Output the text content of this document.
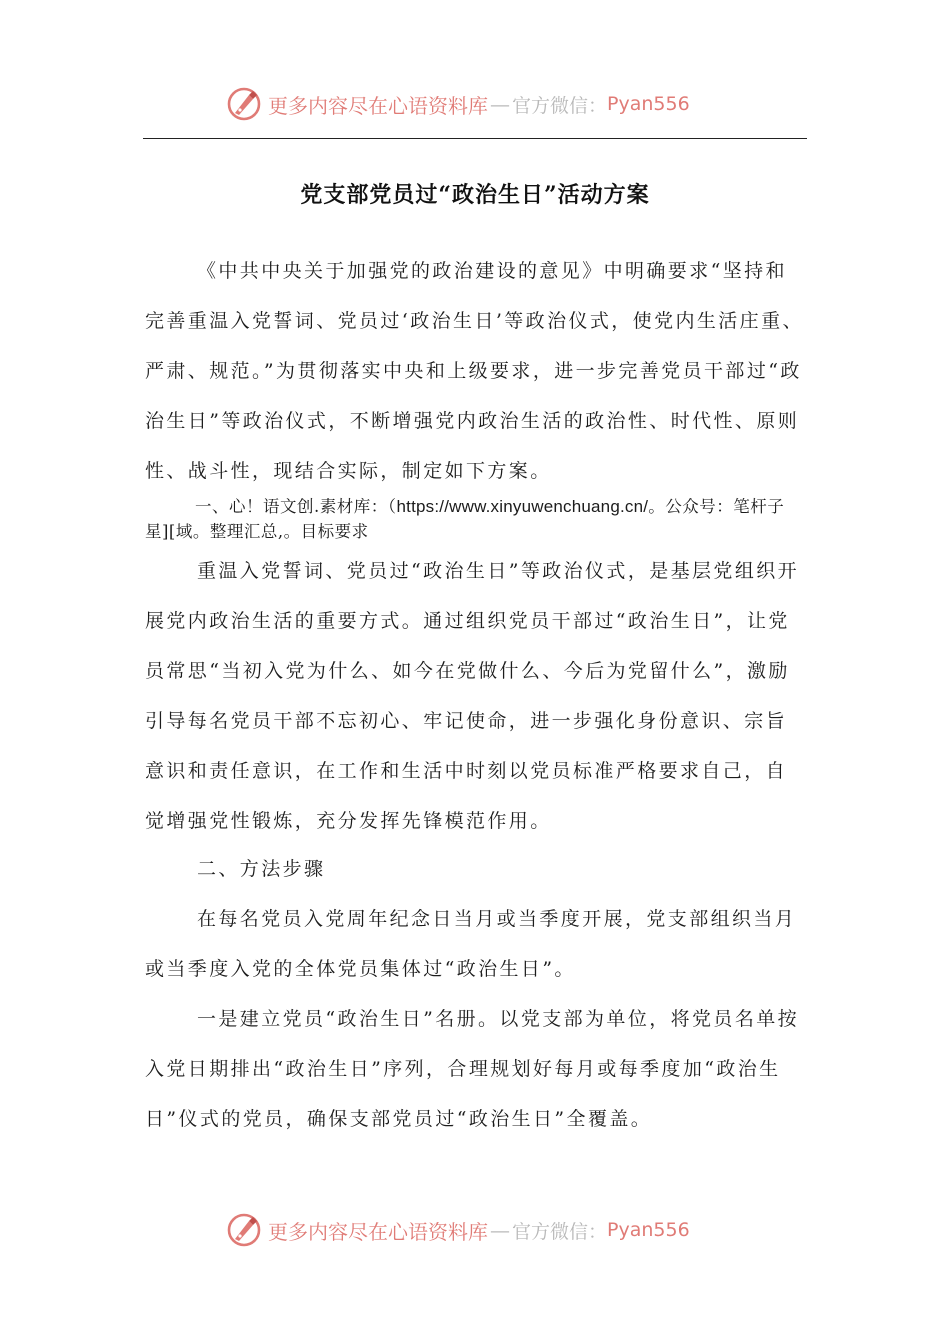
更多内容尽在心语资料库 — 官方微信： Pyan556
党支部党员过“政治生日”活动方案

《中共中央关于加强党的政治建设的意见》中明确要求“坚持和完善重温入党誓词、党员过‘政治生日’等政治仪式，使党内生活庄重、严肃、规范。”为贯彻落实中央和上级要求，进一步完善党员干部过“政治生日”等政治仪式，不断增强党内政治生活的政治性、时代性、原则性、战斗性，现结合实际，制定如下方案。

一、心！语文创.素材库：（https://www.xinyuwenchuang.cn/。公众号：笔杆子星][域。整理汇总,。目标要求

重温入党誓词、党员过“政治生日”等政治仪式，是基层党组织开展党内政治生活的重要方式。通过组织党员干部过“政治生日”，让党员常思“当初入党为什么、如今在党做什么、今后为党留什么”，激励引导每名党员干部不忘初心、牢记使命，进一步强化身份意识、宗旨意识和责任意识，在工作和生活中时刻以党员标准严格要求自己，自觉增强党性锻炼，充分发挥先锋模范作用。

二、方法步骤

在每名党员入党周年纪念日当月或当季度开展，党支部组织当月或当季度入党的全体党员集体过“政治生日”。

一是建立党员“政治生日”名册。以党支部为单位，将党员名单按入党日期排出“政治生日”序列，合理规划好每月或每季度加“政治生日”仪式的党员，确保支部党员过“政治生日”全覆盖。

更多内容尽在心语资料库 — 官方微信： Pyan556
